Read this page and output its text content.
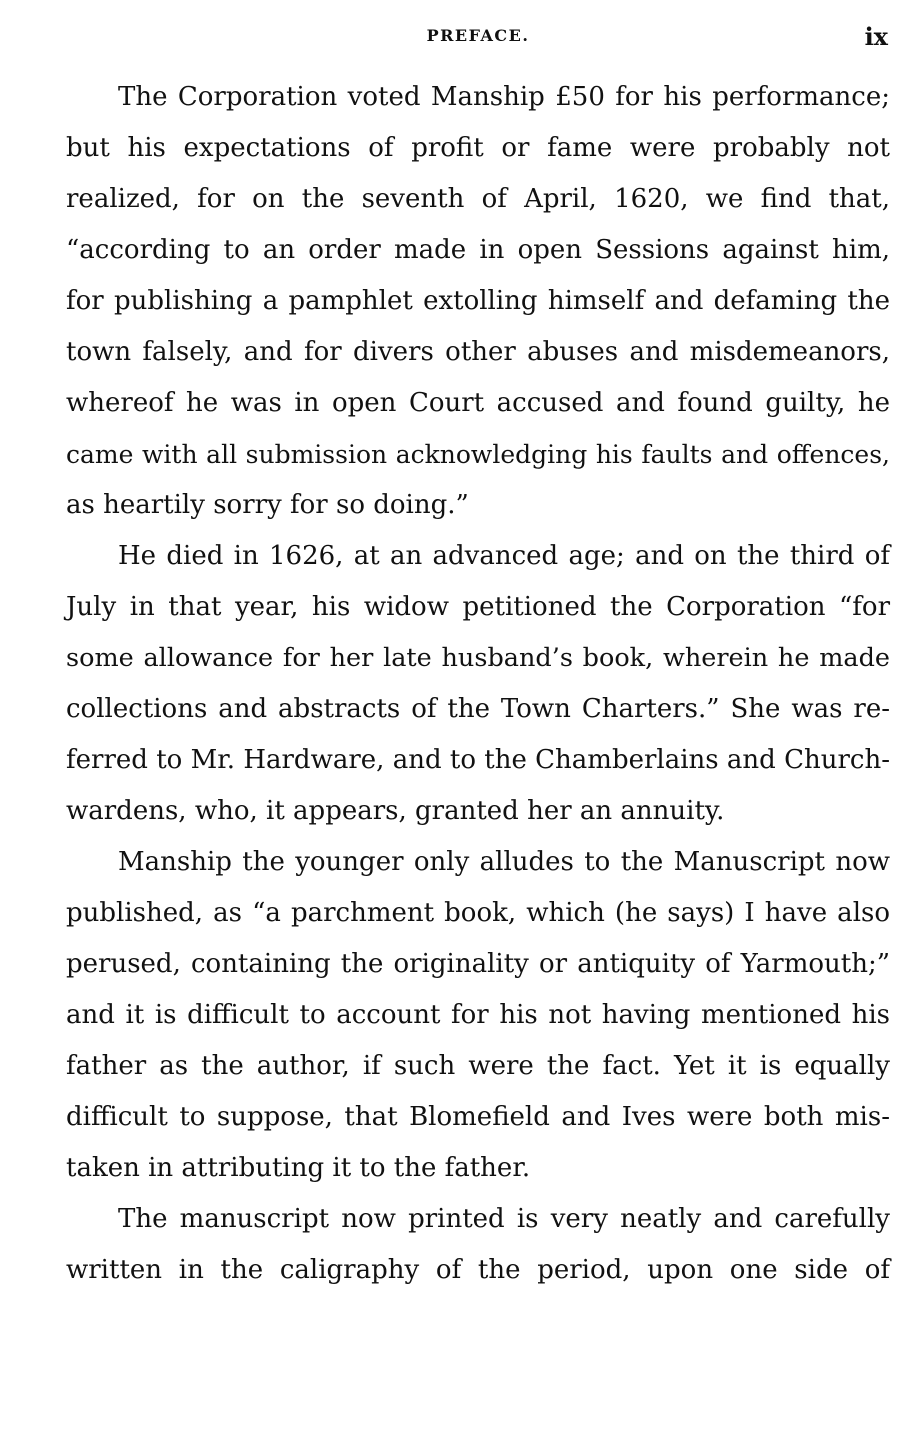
PREFACE.	ix
The Corporation voted Manship £50 for his performance;
but his expectations of profit or fame were probably not
realized, for on the seventh of April, 1620, we find that,
“according to an order made in open Sessions against him,
for publishing a pamphlet extolling himself and defaming the
town falsely, and for divers other abuses and misdemeanors,
whereof he was in open Court accused and found guilty, he
came with all submission acknowledging his faults and offences,
as heartily sorry for so doing.”
He died in 1626, at an advanced age; and on the third of
July in that year, his widow petitioned the Corporation “for
some allowance for her late husband’s book, wherein he made
collections and abstracts of the Town Charters.” She was re-
ferred to Mr. Hardware, and to the Chamberlains and Church-
wardens, who, it appears, granted her an annuity.
Manship the younger only alludes to the Manuscript now
published, as “a parchment book, which (he says) I have also
perused, containing the originality or antiquity of Yarmouth;”
and it is difficult to account for his not having mentioned his
father as the author, if such were the fact. Yet it is equally
difficult to suppose, that Blomefield and Ives were both mis-
taken in attributing it to the father.
The manuscript now printed is very neatly and carefully
written in the caligraphy of the period, upon one side of
